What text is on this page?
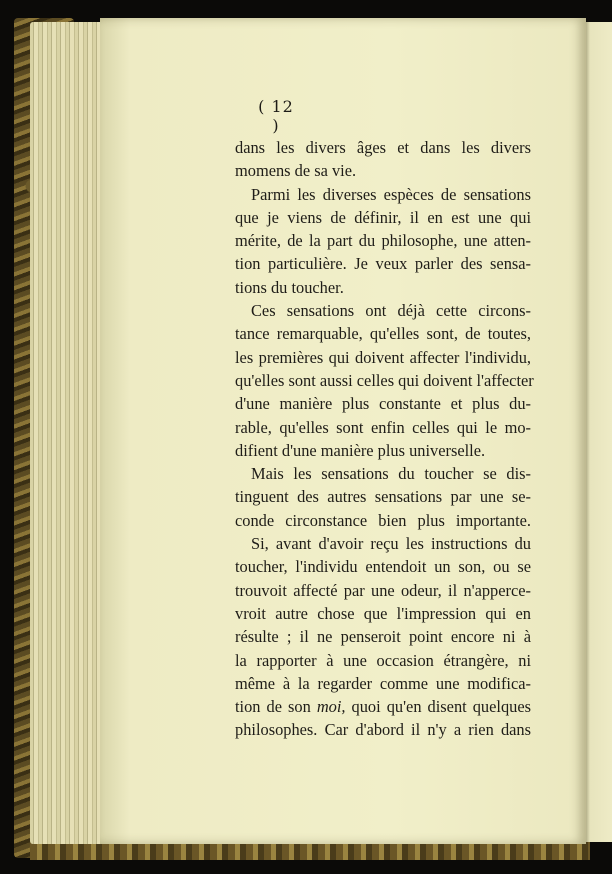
( 12 )
dans les divers âges et dans les divers
momens de sa vie.
Parmi les diverses espèces de sensations
que je viens de définir, il en est une qui
mérite, de la part du philosophe, une atten-
tion particulière. Je veux parler des sensa-
tions du toucher.
Ces sensations ont déjà cette circons-
tance remarquable, qu'elles sont, de toutes,
les premières qui doivent affecter l'individu,
qu'elles sont aussi celles qui doivent l'affecter
d'une manière plus constante et plus du-
rable, qu'elles sont enfin celles qui le mo-
difient d'une manière plus universelle.
Mais les sensations du toucher se dis-
tinguent des autres sensations par une se-
conde circonstance bien plus importante.
Si, avant d'avoir reçu les instructions du
toucher, l'individu entendoit un son, ou se
trouvoit affecté par une odeur, il n'apperce-
vroit autre chose que l'impression qui en
résulte ; il ne penseroit point encore ni à
la rapporter à une occasion étrangère, ni
même à la regarder comme une modifica-
tion de son moi, quoi qu'en disent quelques
philosophes. Car d'abord il n'y a rien dans
